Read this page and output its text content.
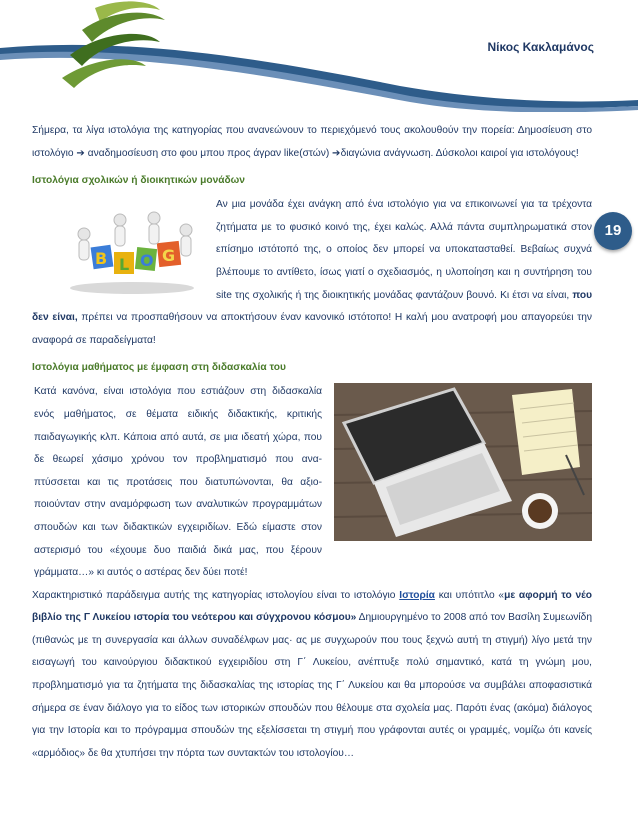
Νίκος Κακλαμάνος
19

Σήμερα, τα λίγα ιστολόγια της κατηγορίας που ανανεώνουν το περιεχόμενό τους ακολουθούν την πορεία: Δημοσίευση στο ιστολόγιο ➔ αναδημοσίευση στο φου μπου προς άγραν like(στών) ➔διαγώνια ανάγνωση. Δύσκολοι καιροί για ιστολόγους!

Ιστολόγια σχολικών ή διοικητικών μονάδων
B L O G

Αν μια μονάδα έχει ανάγκη από ένα ιστολόγιο για να επικοινωνεί για τα τρέχοντα ζητήματα με το φυσικό κοινό της, έχει καλώς. Αλλά πάντα συμπληρωματικά στον επίσημο ιστότοπό της, ο οποίος δεν μπορεί να υποκατασταθεί. Βεβαίως συχνά βλέπουμε το αντίθετο, ίσως γιατί ο σχεδιασμός, η υλοποίηση και η συντήρηση του site της σχολικής ή της διοικητικής μονάδας φαντάζουν βουνό. Κι έτσι να είναι, που δεν είναι, πρέπει να προσπαθήσουν να αποκτήσουν έναν κανονικό ιστότοπο! Η καλή μου ανατροφή μου απαγορεύει την αναφορά σε παραδείγματα!

Ιστολόγια μαθήματος με έμφαση στη διδασκαλία του

Κατά κανόνα, είναι ιστολόγια που εστιάζουν στη διδασκαλία ενός μαθήματος, σε θέματα ειδικής διδακτικής, κριτικής παιδαγωγικής κλπ. Κάποια από αυτά, σε μια ιδεατή χώρα, που δε θεωρεί χάσιμο χρόνου τον προβληματισμό που αναπτύσσεται και τις προτάσεις που διατυπώνονται, θα αξιοποιούνταν στην αναμόρφωση των αναλυτικών προγραμμάτων σπουδών και των διδακτικών εγχειριδίων. Εδώ είμαστε στον αστερισμό του «έχουμε δυο παιδιά δικά μας, που ξέρουν γράμματα…» κι αυτός ο αστέρας δεν δύει ποτέ!

Χαρακτηριστικό παράδειγμα αυτής της κατηγορίας ιστολογίου είναι το ιστολόγιο Ιστορία και υπότιτλο «με αφορμή το νέο βιβλίο της Γ Λυκείου ιστορία του νεότερου και σύγχρονου κόσμου» Δημιουργημένο το 2008 από τον Βασίλη Συμεωνίδη (πιθανώς με τη συνεργασία και άλλων συναδέλφων μας· ας με συγχωρούν που τους ξεχνώ αυτή τη στιγμή) λίγο μετά την εισαγωγή του καινούργιου διδακτικού εγχειριδίου στη Γ΄ Λυκείου, ανέπτυξε πολύ σημαντικό, κατά τη γνώμη μου, προβληματισμό για τα ζητήματα της διδασκαλίας της ιστορίας της Γ΄ Λυκείου και θα μπορούσε να συμβάλει αποφασιστικά σήμερα σε έναν διάλογο για το είδος των ιστορικών σπουδών που θέλουμε στα σχολεία μας. Παρότι ένας (ακόμα) διάλογος για την Ιστορία και το πρόγραμμα σπουδών της εξελίσσεται τη στιγμή που γράφονται αυτές οι γραμμές, νομίζω ότι κανείς «αρμόδιος» δε θα χτυπήσει την πόρτα των συντακτών του ιστολογίου…
